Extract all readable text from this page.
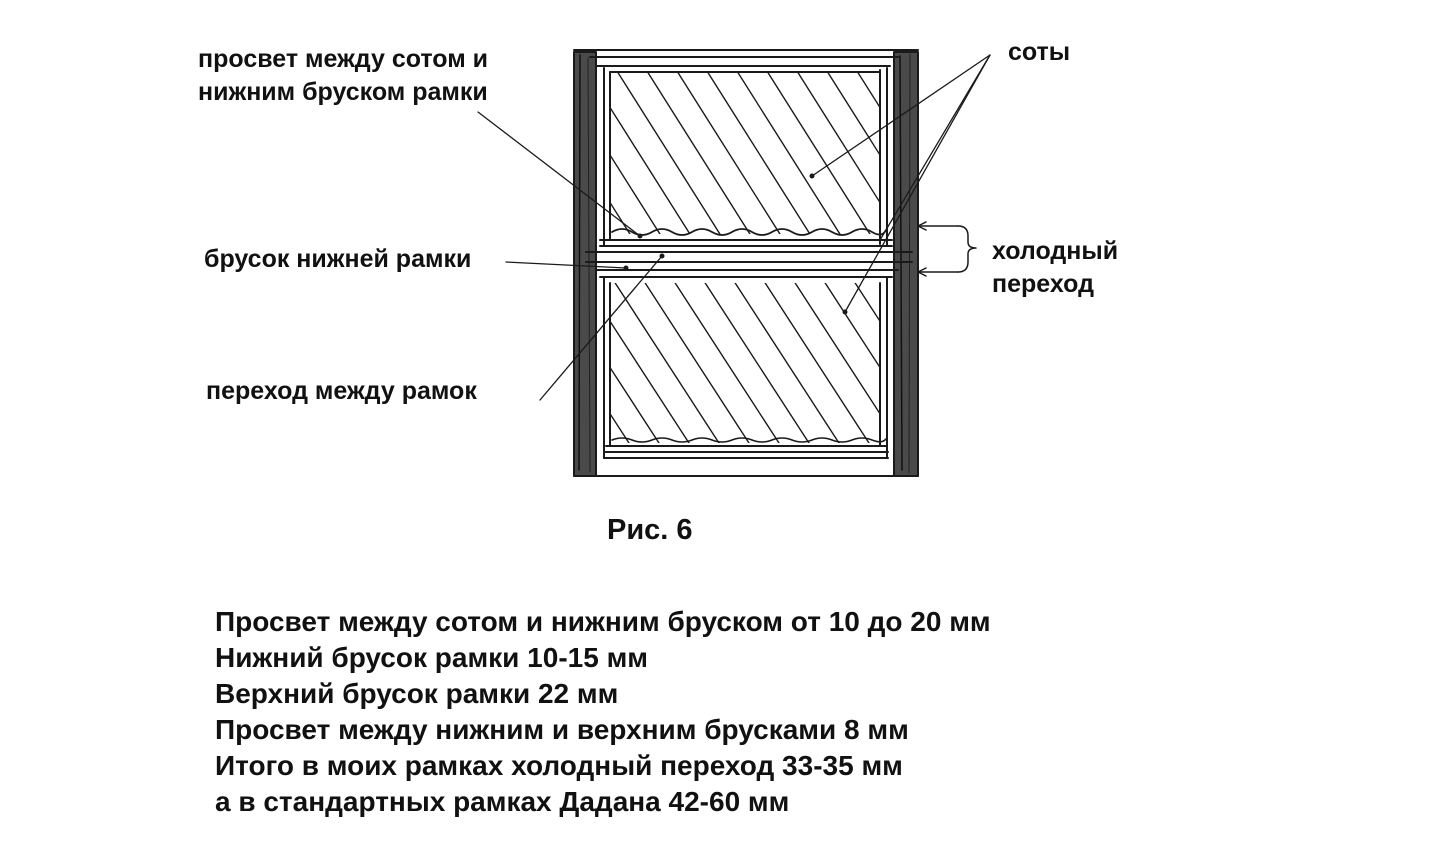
просвет между сотом и
нижним бруском рамки
соты
брусок нижней рамки	холодный
переход
переход между рамок
Рис. 6
Просвет между сотом и нижним бруском от 10 до 20 мм
Нижний брусок рамки 10-15 мм
Верхний брусок рамки 22 мм
Просвет между нижним и верхним брусками 8 мм
Итого в моих рамках холодный переход 33-35 мм
а в стандартных рамках Дадана 42-60 мм
